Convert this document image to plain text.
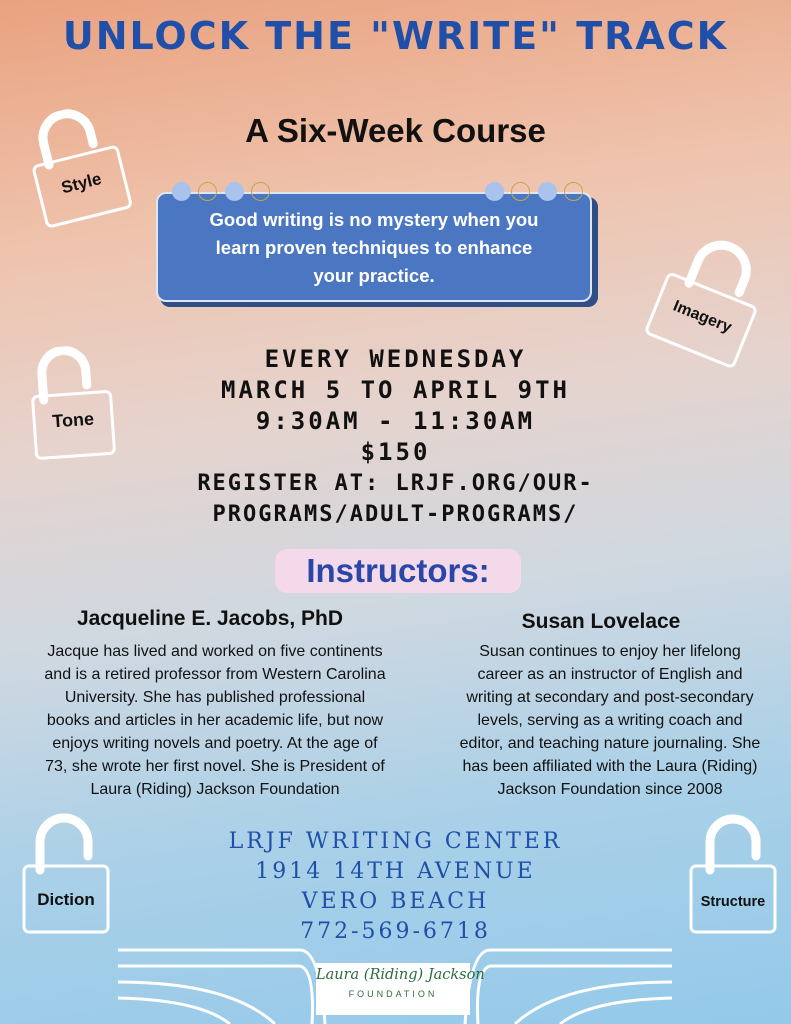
UNLOCK THE "WRITE" TRACK
A Six-Week Course
Good writing is no mystery when you
learn proven techniques to enhance
your practice.
EVERY WEDNESDAY
MARCH 5 TO APRIL 9TH
9:30AM - 11:30AM
$150
REGISTER AT: LRJF.ORG/OUR-
PROGRAMS/ADULT-PROGRAMS/
Instructors:
Jacqueline E. Jacobs, PhD
Jacque has lived and worked on five continents
and is a retired professor from Western Carolina
University. She has published professional
books and articles in her academic life, but now
enjoys writing novels and poetry. At the age of
73, she wrote her first novel. She is President of
Laura (Riding) Jackson Foundation
Susan Lovelace
Susan continues to enjoy her lifelong
career as an instructor of English and
writing at secondary and post-secondary
levels, serving as a writing coach and
editor, and teaching nature journaling. She
has been affiliated with the Laura (Riding)
Jackson Foundation since 2008
LRJF WRITING CENTER
1914 14TH AVENUE
VERO BEACH
772-569-6718
Style
Imagery
Tone
Diction	Structure
Laura (Riding) Jackson
FOUNDATION
